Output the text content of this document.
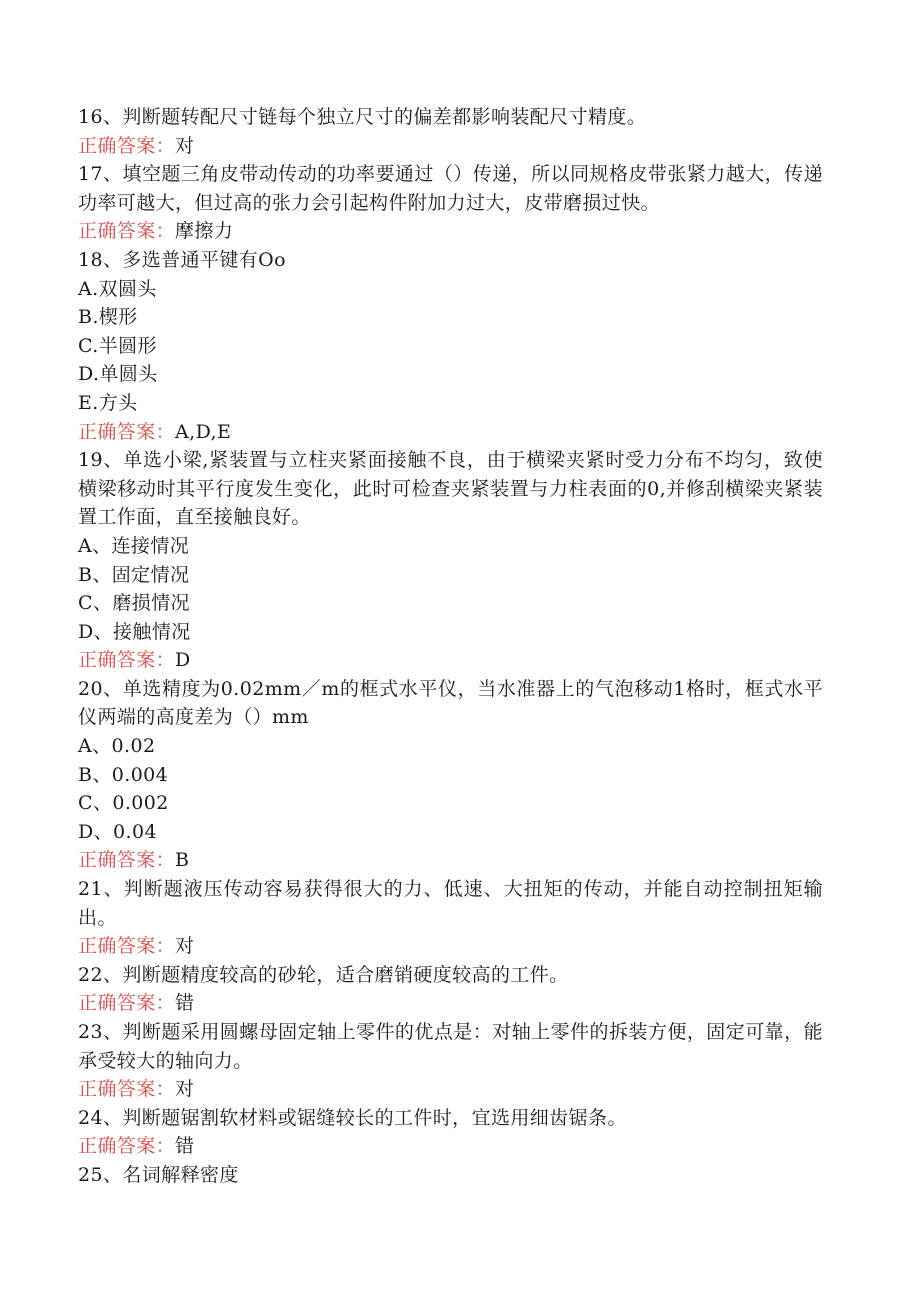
16、判断题转配尺寸链每个独立尺寸的偏差都影响装配尺寸精度。
正确答案：对
17、填空题三角皮带动传动的功率要通过（）传递，所以同规格皮带张紧力越大，传递功率可越大，但过高的张力会引起构件附加力过大，皮带磨损过快。
正确答案：摩擦力
18、多选普通平键有Oo
A.双圆头
B.楔形
C.半圆形
D.单圆头
E.方头
正确答案：A,D,E
19、单选小梁,紧装置与立柱夹紧面接触不良，由于横梁夹紧时受力分布不均匀，致使横梁移动时其平行度发生变化，此时可检查夹紧装置与力柱表面的0,并修刮横梁夹紧装置工作面，直至接触良好。
A、连接情况
B、固定情况
C、磨损情况
D、接触情况
正确答案：D
20、单选精度为0.02mm／m的框式水平仪，当水准器上的气泡移动1格时，框式水平仪两端的高度差为（）mm
A、0.02
B、0.004
C、0.002
D、0.04
正确答案：B
21、判断题液压传动容易获得很大的力、低速、大扭矩的传动，并能自动控制扭矩输出。
正确答案：对
22、判断题精度较高的砂轮，适合磨销硬度较高的工件。
正确答案：错
23、判断题采用圆螺母固定轴上零件的优点是：对轴上零件的拆装方便，固定可靠，能承受较大的轴向力。
正确答案：对
24、判断题锯割软材料或锯缝较长的工件时，宜选用细齿锯条。
正确答案：错
25、名词解释密度
